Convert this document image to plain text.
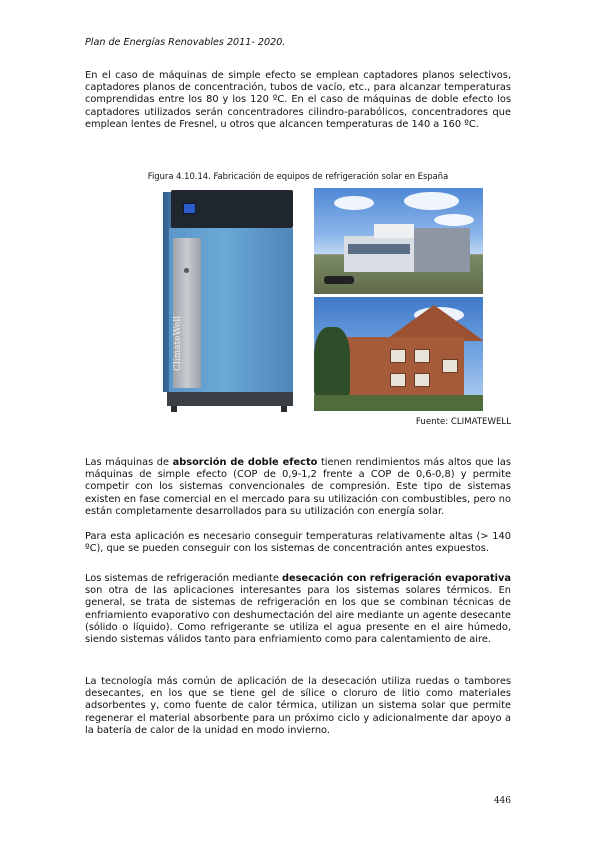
Plan de Energías Renovables 2011- 2020.

En el caso de máquinas de simple efecto se emplean captadores planos selectivos, captadores planos de concentración, tubos de vacío, etc., para alcanzar temperaturas comprendidas entre los 80 y los 120 ºC. En el caso de máquinas de doble efecto los captadores utilizados serán concentradores cilindro-parabólicos, concentradores que emplean lentes de Fresnel, u otros que alcancen temperaturas de 140 a 160 ºC.

Figura 4.10.14. Fabricación de equipos de refrigeración solar en España
ClimateWell
Fuente: CLIMATEWELL

Las máquinas de absorción de doble efecto tienen rendimientos más altos que las máquinas de simple efecto (COP de 0,9-1,2 frente a COP de 0,6-0,8) y permite competir con los sistemas convencionales de compresión. Este tipo de sistemas existen en fase comercial en el mercado para su utilización con combustibles, pero no están completamente desarrollados para su utilización con energía solar.

Para esta aplicación es necesario conseguir temperaturas relativamente altas (> 140 ºC), que se pueden conseguir con los sistemas de concentración antes expuestos.

Los sistemas de refrigeración mediante desecación con refrigeración evaporativa son otra de las aplicaciones interesantes para los sistemas solares térmicos. En general, se trata de sistemas de refrigeración en los que se combinan técnicas de enfriamiento evaporativo con deshumectación del aire mediante un agente desecante (sólido o líquido). Como refrigerante se utiliza el agua presente en el aire húmedo, siendo sistemas válidos tanto para enfriamiento como para calentamiento de aire.

La tecnología más común de aplicación de la desecación utiliza ruedas o tambores desecantes, en los que se tiene gel de sílice o cloruro de litio como materiales adsorbentes y, como fuente de calor térmica, utilizan un sistema solar que permite regenerar el material absorbente para un próximo ciclo y adicionalmente dar apoyo a la batería de calor de la unidad en modo invierno.

446
